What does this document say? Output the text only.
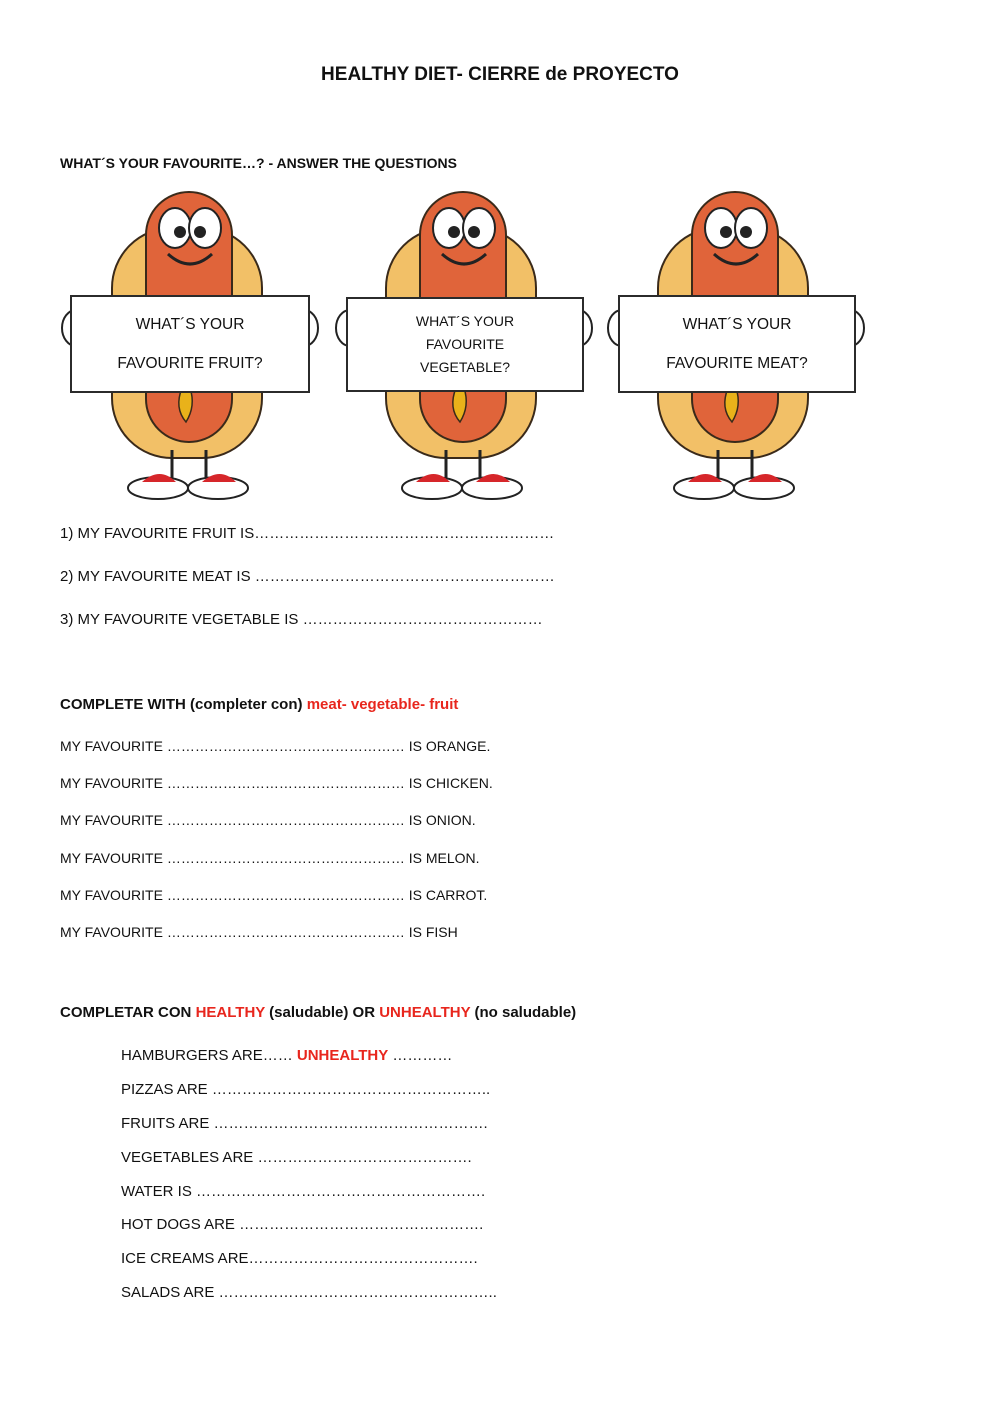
HEALTHY DIET- CIERRE de PROYECTO
WHAT´S YOUR FAVOURITE…? - ANSWER THE QUESTIONS
WHAT´S YOUR
FAVOURITE FRUIT?
WHAT´S YOUR
FAVOURITE
VEGETABLE?
WHAT´S YOUR
FAVOURITE MEAT?
1) MY FAVOURITE FRUIT IS……………………………………………………
2) MY FAVOURITE MEAT IS ……………………………………………………
3) MY FAVOURITE VEGETABLE IS …………………………………………
COMPLETE WITH (completer con) meat- vegetable- fruit
MY FAVOURITE …………………………………………… IS ORANGE.
MY FAVOURITE …………………………………………… IS CHICKEN.
MY FAVOURITE …………………………………………… IS ONION.
MY FAVOURITE …………………………………………… IS MELON.
MY FAVOURITE …………………………………………… IS CARROT.
MY FAVOURITE …………………………………………… IS FISH
COMPLETAR CON HEALTHY (saludable) OR UNHEALTHY (no saludable)
HAMBURGERS ARE…… UNHEALTHY …………
PIZZAS ARE ………………………………………………..
FRUITS ARE ……………………………………………….
VEGETABLES ARE …………………………………….
WATER IS ………………………………………………….
HOT DOGS ARE ………………………………………….
ICE CREAMS ARE……………………………………….
SALADS ARE ………………………………………………..
